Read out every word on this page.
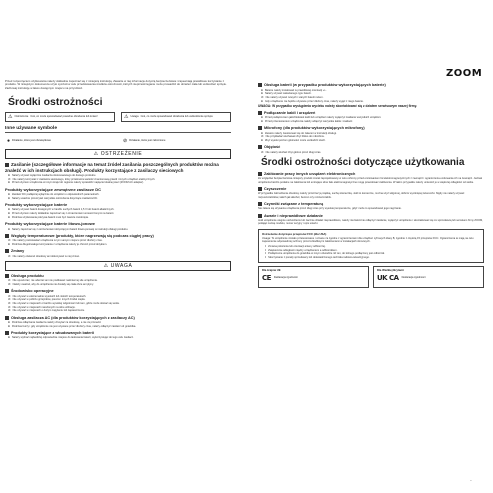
ZOOM
Przed rozpoczęciem użytkowania należy dokładnie zapoznać się z niniejszą instrukcją. Zawarte w niej informacje dotyczą bezpieczeństwa i zapewniają prawidłowe korzystanie z produktu. W niniejszym dokumencie użyto symboli w celu przedstawienia środków ostrożności, których nieprzestrzeganie może prowadzić do obrażeń ciała lub uszkodzeń sprzętu. Zachowaj instrukcję w łatwo dostępnym miejscu na przyszłość.
Środki ostrożności
⚠ Ostrzeżenie Coś, co może spowodować poważne obrażenia lub śmierć	⚠ Uwaga Coś, co może spowodować obrażenia lub uszkodzenie sprzętu
Inne używane symbole
● Działanie, które jest obowiązkowe	⊘ Działanie, które jest zabronione
⚠ OSTRZEŻENIE
Zasilanie (szczegółowe informacje na temat źródeł zasilania poszczególnych produktów można znaleźć w ich instrukcjach obsługi). Produkty korzystające z zasilaczy sieciowych
● Należy używać wyłącznie zasilacza dostosowanego do danego produktu.
⊘ Nie należy korzystać z zasilacza sieciowego, który przekracza wartość znamionową gniazd i innych urządzeń elektrycznych.
● Przed użyciem urządzenia w innym kraju lub regionie należy sprawdzić napięcie lokalnej sieci (ZOOM AC adapter).
Produkty wykorzystujące zewnętrzne zasilacze DC
● Zasilacz DC podłączaj wyłącznie do urządzeń o odpowiednich parametrach.
● Należy uważnie przeczytać wszystkie ostrzeżenia dotyczące zasilacza DC.
Produkty wykorzystujące baterie
● Należy używać baterii dostępnych w handlu suchych baterii 1,5 V lub baterii alkalicznych.
● Przed użyciem należy dokładnie zapoznać się z oznaczeniami umieszczonymi na baterii.
● Podczas użytkowania pokrywa baterii musi być zawsze zamknięta.
Produkty wykorzystujące baterie litowo-jonowe
● Należy zapoznać się z ostrzeżeniami dotyczącymi baterii litowo-jonowej w instrukcji obsługi produktu.
Wzgłędy temperaturowe (produkty, które nagrzewają się podczas ciągłej pracy)
⊘ Nie należy pozostawiać urządzenia w tym samym miejscu przez dłuższy czas.
● Podczas długotrwałego korzystania z urządzenia należy je chronić przed dotykiem.
Zmiany
⊘ Nie należy otwierać obudowy ani dokonywać w niej zmian.
⚠ UWAGA
Obsługa produktu
⊘ Nie upuszczać, nie uderzać ani nie poddawać nadmiernej sile urządzenia.
⊘ Należy uważać, aby do urządzenia nie dostały się ciała obce ani płyny.
Środowisko operacyjne
⊘ Nie używać w ekstremalnie wysokich lub niskich temperaturach.
⊘ Nie używać w pobliżu grzejników, pieców i innych źródeł ciepła.
⊘ Nie używać w miejscach o bardzo wysokiej wilgotności lub tam, gdzie może dostać się woda.
⊘ Nie używać w miejscach narażonych na silne wibracje.
⊘ Nie używać w miejscach o dużym zapyleniu lub zapiaszczeniu.
Obsługa zasilacza AC (dla produktów korzystających z zasilaczy AC)
● Podczas odłączania zasilacza należy chwytać za obudowę, a nie za przewód.
● Podczas burzy i gdy urządzenie nie jest używane przez dłuższy czas, należy odłączyć zasilacz od gniazdka.
Produkty korzystające z wbudowanych baterii
● Należy wybrać najbardziej odpowiednie miejsce do ładowania baterii, wykorzystując do tego celu zasilacz.
Obsługa baterii (w przypadku produktów wykorzystujących baterie)
● Baterie należy instalować w prawidłowej orientacji +/-.
● Należy używać wskazanego typu baterii.
⊘ Nie należy używać nowych i starych baterii razem.
● Gdy urządzenie nie będzie używane przez dłuższy czas, należy wyjąć z niego baterie.
UWAGA: W przypadku wystąpienia wycieku należy skontaktować się z działem serwisowym naszej firmy.
Podłączanie kabli i urządzeń
● Przed podłączeniem jakichkolwiek kabli lub urządzeń należy wyłączyć zasilanie wszystkich urządzeń.
● Przed przeniesieniem urządzenia należy odłączyć wszystkie kable i zasilacz.
Mikrofony (dla produktów wykorzystujących mikrofony)
● Zawsze należy zastosować się do zaleceń w instrukcji obsługi.
⊘ Nie przykładać słuchawek zbyt blisko do mikrofonu.
● Zbyt wysoki poziom głośności może uszkodzić słuch.
Objętość
⊘ Nie należy słuchać zbyt głośno przez długi czas.
Środki ostrożności dotyczące użytkowania
Zakłócanie pracy innych urządzeń elektronicznych
Ze względów bezpieczeństwa niniejszy produkt został zaprojektowany w celu ochrony przed emitowaniem fal elektromagnetycznych z zewnątrz i ograniczenia emitowania ich na zewnątrz. Jednak urządzenia bardzo podatne na zakłócenia lub emitujące silne fale elektromagnetyczne mogą powodować zakłócenia. W takim przypadku należy umieścić je w większej odległości od siebie.
Czyszczenie
W przypadku zabrudzenia obudowy należy przetrzeć ją miękką, suchą ściereczką. Jeśli to konieczne, można użyć wilgotnej, dobrze wyciśniętej ściereczki. Nigdy nie należy używać rozpuszczalników, takich jak alkohol, benzen czy rozcieńczalnik.
Czynniki związane z temperaturą
Nie zaleca się używania urządzenia przez długi czas przy wysokiej temperaturze, gdyż może to spowodować jego nagrzanie.
Awarie i nieprawidłowe działanie
Jeśli urządzenie ulegnie uszkodzeniu lub zacznie działać nieprawidłowo, należy niezwłocznie odłączyć zasilanie, wyłączyć urządzenie i skontaktować się ze sprzedawcą lub serwisem firmy ZOOM, podając nazwę modelu, numer seryjny i opis usterki.
Ostrzeżenie dotyczące przepisów FCC (dla USA)
Uwaga: To urządzenie zostało przetestowane i uznane za zgodne z ograniczeniami dla urządzeń cyfrowych klasy B, zgodnie z częścią 15 przepisów FCC. Ograniczenia te mają na celu zapewnienie odpowiedniej ochrony przed szkodliwymi zakłóceniami w instalacjach domowych.
• Zmiana położenia lub orientacji anteny odbiorczej.
• Zwiększenie odległości między urządzeniem a odbiornikiem.
• Podłączenie urządzenia do gniazdka w innym obwodzie niż ten, do którego podłączony jest odbiornik.
• Skorzystanie z porady sprzedawcy lub doświadczonego technika radiowo-telewizyjnego.
Dla krajów UE
CE Deklaracja zgodności
Dla Wielkiej Brytanii
UK CA Deklaracja zgodności
~
